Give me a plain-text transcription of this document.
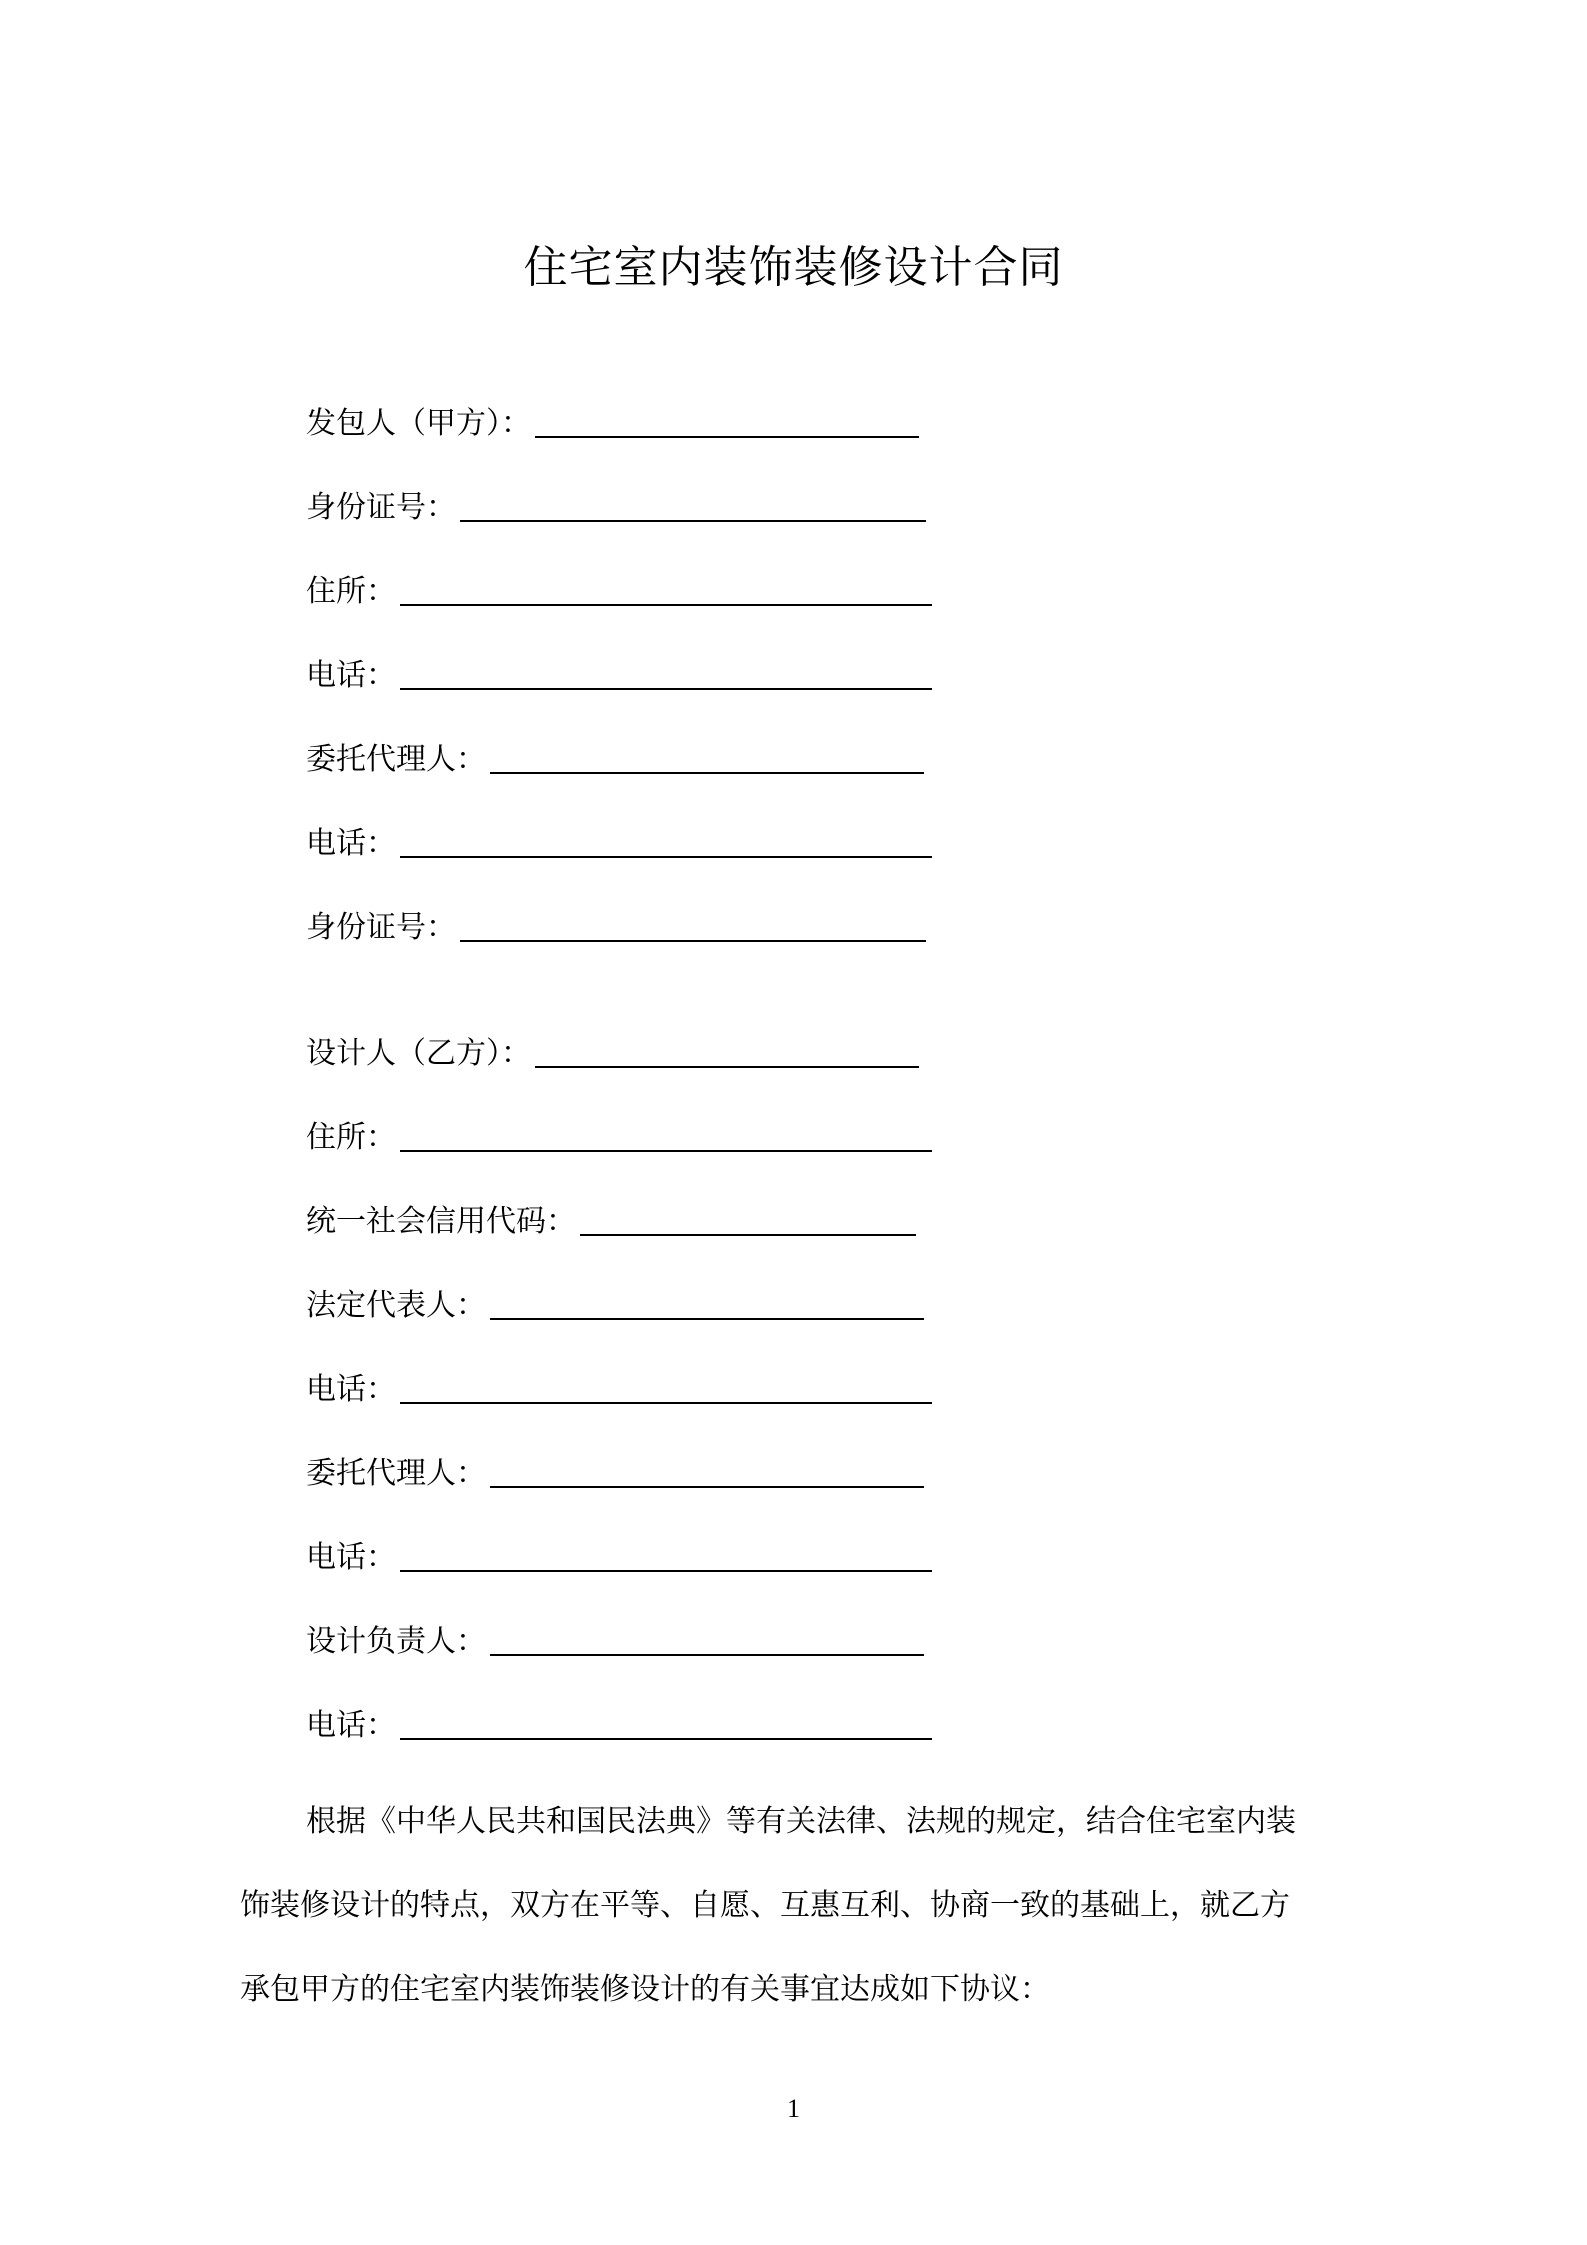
住宅室内装饰装修设计合同
发包人（甲方）：
身份证号：
住所：
电话：
委托代理人：
电话：
身份证号：
设计人（乙方）：
住所：
统一社会信用代码：
法定代表人：
电话：
委托代理人：
电话：
设计负责人：
电话：

根据《中华人民共和国民法典》等有关法律、法规的规定，结合住宅室内装

饰装修设计的特点，双方在平等、自愿、互惠互利、协商一致的基础上，就乙方

承包甲方的住宅室内装饰装修设计的有关事宜达成如下协议：

1
